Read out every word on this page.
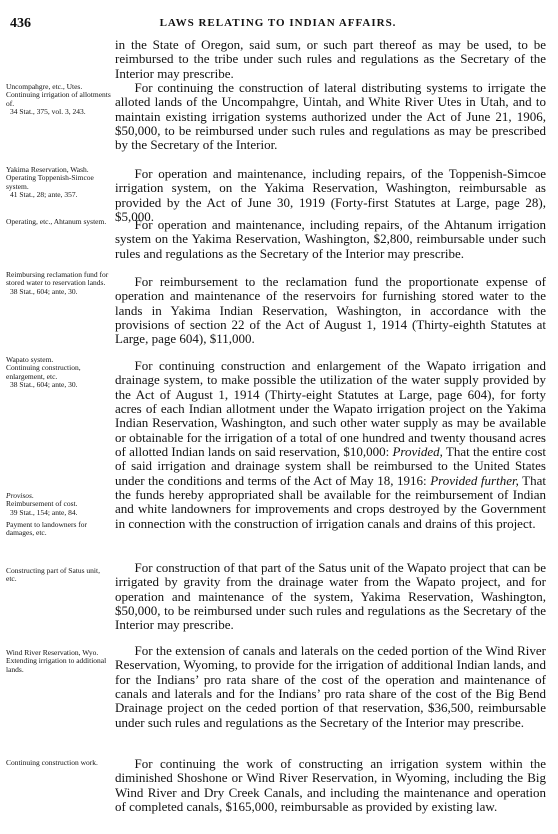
436	LAWS RELATING TO INDIAN AFFAIRS.
Uncompahgre, etc., Utes.
Continuing irrigation of allotments of.
34 Stat., 375, vol. 3, 243.
Yakima Reservation, Wash.
Operating Toppenish-Simcoe system.
41 Stat., 28; ante, 357.
Operating, etc., Ahtanum system.
Reimbursing reclamation fund for stored water to reservation lands.
38 Stat., 604; ante, 30.
Wapato system.
Continuing construction, enlargement, etc.
38 Stat., 604; ante, 30.
Provisos.
Reimbursement of cost.
39 Stat., 154; ante, 84.
Payment to landowners for damages, etc.
Constructing part of Satus unit, etc.
Wind River Reservation, Wyo.
Extending irrigation to additional lands.
Continuing construction work.

in the State of Oregon, said sum, or such part thereof as may be used, to be reimbursed to the tribe under such rules and regulations as the Secretary of the Interior may prescribe.

For continuing the construction of lateral distributing systems to irrigate the alloted lands of the Uncompahgre, Uintah, and White River Utes in Utah, and to maintain existing irrigation systems authorized under the Act of June 21, 1906, $50,000, to be reimbursed under such rules and regulations as may be prescribed by the Secretary of the Interior.

For operation and maintenance, including repairs, of the Toppenish-Simcoe irrigation system, on the Yakima Reservation, Washington, reimbursable as provided by the Act of June 30, 1919 (Forty-first Statutes at Large, page 28), $5,000.

For operation and maintenance, including repairs, of the Ahtanum irrigation system on the Yakima Reservation, Washington, $2,800, reimbursable under such rules and regulations as the Secretary of the Interior may prescribe.

For reimbursement to the reclamation fund the proportionate expense of operation and maintenance of the reservoirs for furnishing stored water to the lands in Yakima Indian Reservation, Washington, in accordance with the provisions of section 22 of the Act of August 1, 1914 (Thirty-eighth Statutes at Large, page 604), $11,000.

For continuing construction and enlargement of the Wapato irrigation and drainage system, to make possible the utilization of the water supply provided by the Act of August 1, 1914 (Thirty-eight Statutes at Large, page 604), for forty acres of each Indian allotment under the Wapato irrigation project on the Yakima Indian Reservation, Washington, and such other water supply as may be available or obtainable for the irrigation of a total of one hundred and twenty thousand acres of allotted Indian lands on said reservation, $10,000: Provided, That the entire cost of said irrigation and drainage system shall be reimbursed to the United States under the conditions and terms of the Act of May 18, 1916: Provided further, That the funds hereby appropriated shall be available for the reimbursement of Indian and white landowners for improvements and crops destroyed by the Government in connection with the construction of irrigation canals and drains of this project.

For construction of that part of the Satus unit of the Wapato project that can be irrigated by gravity from the drainage water from the Wapato project, and for operation and maintenance of the system, Yakima Reservation, Washington, $50,000, to be reimbursed under such rules and regulations as the Secretary of the Interior may prescribe.

For the extension of canals and laterals on the ceded portion of the Wind River Reservation, Wyoming, to provide for the irrigation of additional Indian lands, and for the Indians’ pro rata share of the cost of the operation and maintenance of canals and laterals and for the Indians’ pro rata share of the cost of the Big Bend Drainage project on the ceded portion of that reservation, $36,500, reimbursable under such rules and regulations as the Secretary of the Interior may prescribe.

For continuing the work of constructing an irrigation system within the diminished Shoshone or Wind River Reservation, in Wyoming, including the Big Wind River and Dry Creek Canals, and including the maintenance and operation of completed canals, $165,000, reimbursable as provided by existing law.
